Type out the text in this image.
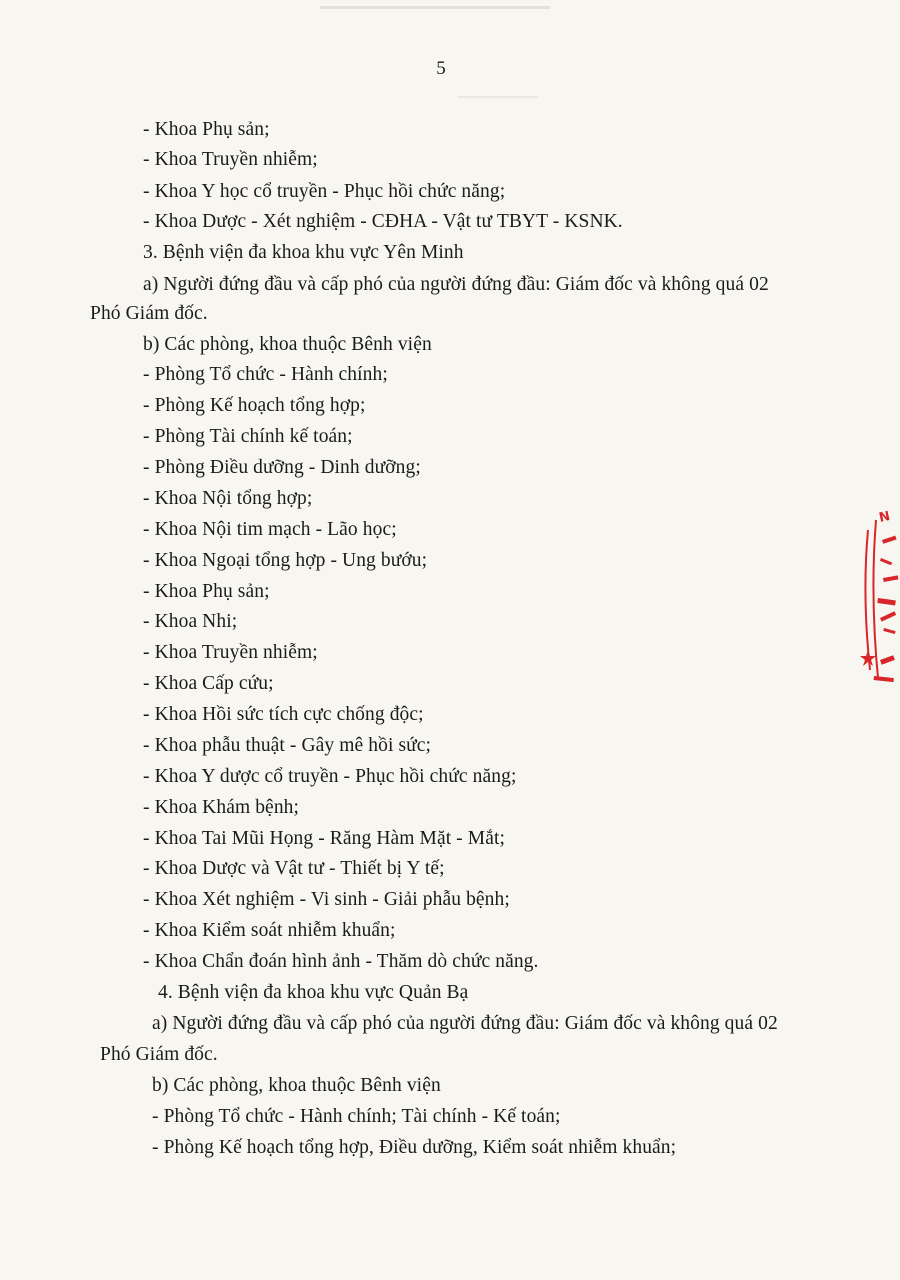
5
- Khoa Phụ sản;
- Khoa Truyền nhiễm;
- Khoa Y học cổ truyền - Phục hồi chức năng;
- Khoa Dược - Xét nghiệm - CĐHA - Vật tư TBYT - KSNK.
3. Bệnh viện đa khoa khu vực Yên Minh
a) Người đứng đầu và cấp phó của người đứng đầu: Giám đốc và không quá 02
Phó Giám đốc.
b) Các phòng, khoa thuộc Bênh viện
- Phòng Tổ chức - Hành chính;
- Phòng Kế hoạch tổng hợp;
- Phòng Tài chính kế toán;
- Phòng Điều dưỡng - Dinh dưỡng;
- Khoa Nội tổng hợp;
- Khoa Nội tim mạch - Lão học;
- Khoa Ngoại tổng hợp - Ung bướu;
- Khoa Phụ sản;
- Khoa Nhi;
- Khoa Truyền nhiễm;
- Khoa Cấp cứu;
- Khoa Hồi sức tích cực chống độc;
- Khoa phẫu thuật - Gây mê hồi sức;
- Khoa Y dược cổ truyền - Phục hồi chức năng;
- Khoa Khám bệnh;
- Khoa Tai Mũi Họng - Răng Hàm Mặt - Mắt;
- Khoa Dược và Vật tư - Thiết bị Y tế;
- Khoa Xét nghiệm - Vi sinh - Giải phẫu bệnh;
- Khoa Kiểm soát nhiễm khuẩn;
- Khoa Chẩn đoán hình ảnh - Thăm dò chức năng.
4. Bệnh viện đa khoa khu vực Quản Bạ
a) Người đứng đầu và cấp phó của người đứng đầu: Giám đốc và không quá 02
Phó Giám đốc.
b) Các phòng, khoa thuộc Bênh viện
- Phòng Tổ chức - Hành chính; Tài chính - Kế toán;
- Phòng Kế hoạch tổng hợp, Điều dưỡng, Kiểm soát nhiễm khuẩn;
N
